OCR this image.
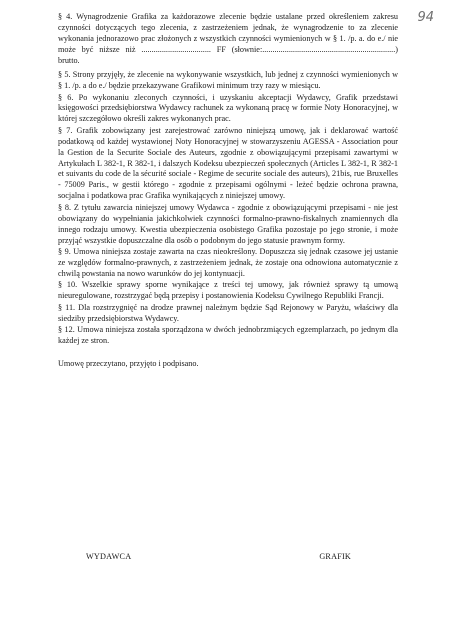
94

§ 4. Wynagrodzenie Grafika za każdorazowe zlecenie będzie ustalane przed określeniem zakresu czynności dotyczących tego zlecenia, z zastrzeżeniem jednak, że wynagrodzenie to za zlecenie wykonania jednorazowo prac złożonych z wszystkich czynności wymienionych w § 1. /p. a. do e./ nie może być niższe niż .................................. FF (słownie:.................................................................) brutto.

§ 5. Strony przyjęły, że zlecenie na wykonywanie wszystkich, lub jednej z czynności wymienionych w § 1. /p. a do e./ będzie przekazywane Grafikowi minimum trzy razy w miesiącu.

§ 6. Po wykonaniu zleconych czynności, i uzyskaniu akceptacji Wydawcy, Grafik przedstawi księgowości przedsiębiorstwa Wydawcy rachunek za wykonaną pracę w formie Noty Honoracyjnej, w której szczegółowo określi zakres wykonanych prac.

§ 7. Grafik zobowiązany jest zarejestrować zarówno niniejszą umowę, jak i deklarować wartość podatkową od każdej wystawionej Noty Honoracyjnej w stowarzyszeniu AGESSA - Association pour la Gestion de la Securite Sociale des Auteurs, zgodnie z obowiązującymi przepisami zawartymi w Artykułach L 382-1, R 382-1, i dalszych Kodeksu ubezpieczeń społecznych (Articles L 382-1, R 382-1 et suivants du code de la sécurité sociale - Regime de securite sociale des auteurs), 21bis, rue Bruxelles - 75009 Paris., w gestii którego - zgodnie z przepisami ogólnymi - leżeć będzie ochrona prawna, socjalna i podatkowa prac Grafika wynikających z niniejszej umowy.

§ 8. Z tytułu zawarcia niniejszej umowy Wydawca - zgodnie z obowiązującymi przepisami - nie jest obowiązany do wypełniania jakichkolwiek czynności formalno-prawno-fiskalnych znamiennych dla innego rodzaju umowy. Kwestia ubezpieczenia osobistego Grafika pozostaje po jego stronie, i może przyjąć wszystkie dopuszczalne dla osób o podobnym do jego statusie prawnym formy.

§ 9. Umowa niniejsza zostaje zawarta na czas nieokreślony. Dopuszcza się jednak czasowe jej ustanie ze względów formalno-prawnych, z zastrzeżeniem jednak, że zostaje ona odnowiona automatycznie z chwilą powstania na nowo warunków do jej kontynuacji.

§ 10. Wszelkie sprawy sporne wynikające z treści tej umowy, jak również sprawy tą umową nieuregulowane, rozstrzygać będą przepisy i postanowienia Kodeksu Cywilnego Republiki Francji.

§ 11. Dla rozstrzygnięć na drodze prawnej należnym będzie Sąd Rejonowy w Paryżu, właściwy dla siedziby przedsiębiorstwa Wydawcy.

§ 12. Umowa niniejsza została sporządzona w dwóch jednobrzmiących egzemplarzach, po jednym dla każdej ze stron.

Umowę przeczytano, przyjęto i podpisano.

WYDAWCA	GRAFIK
